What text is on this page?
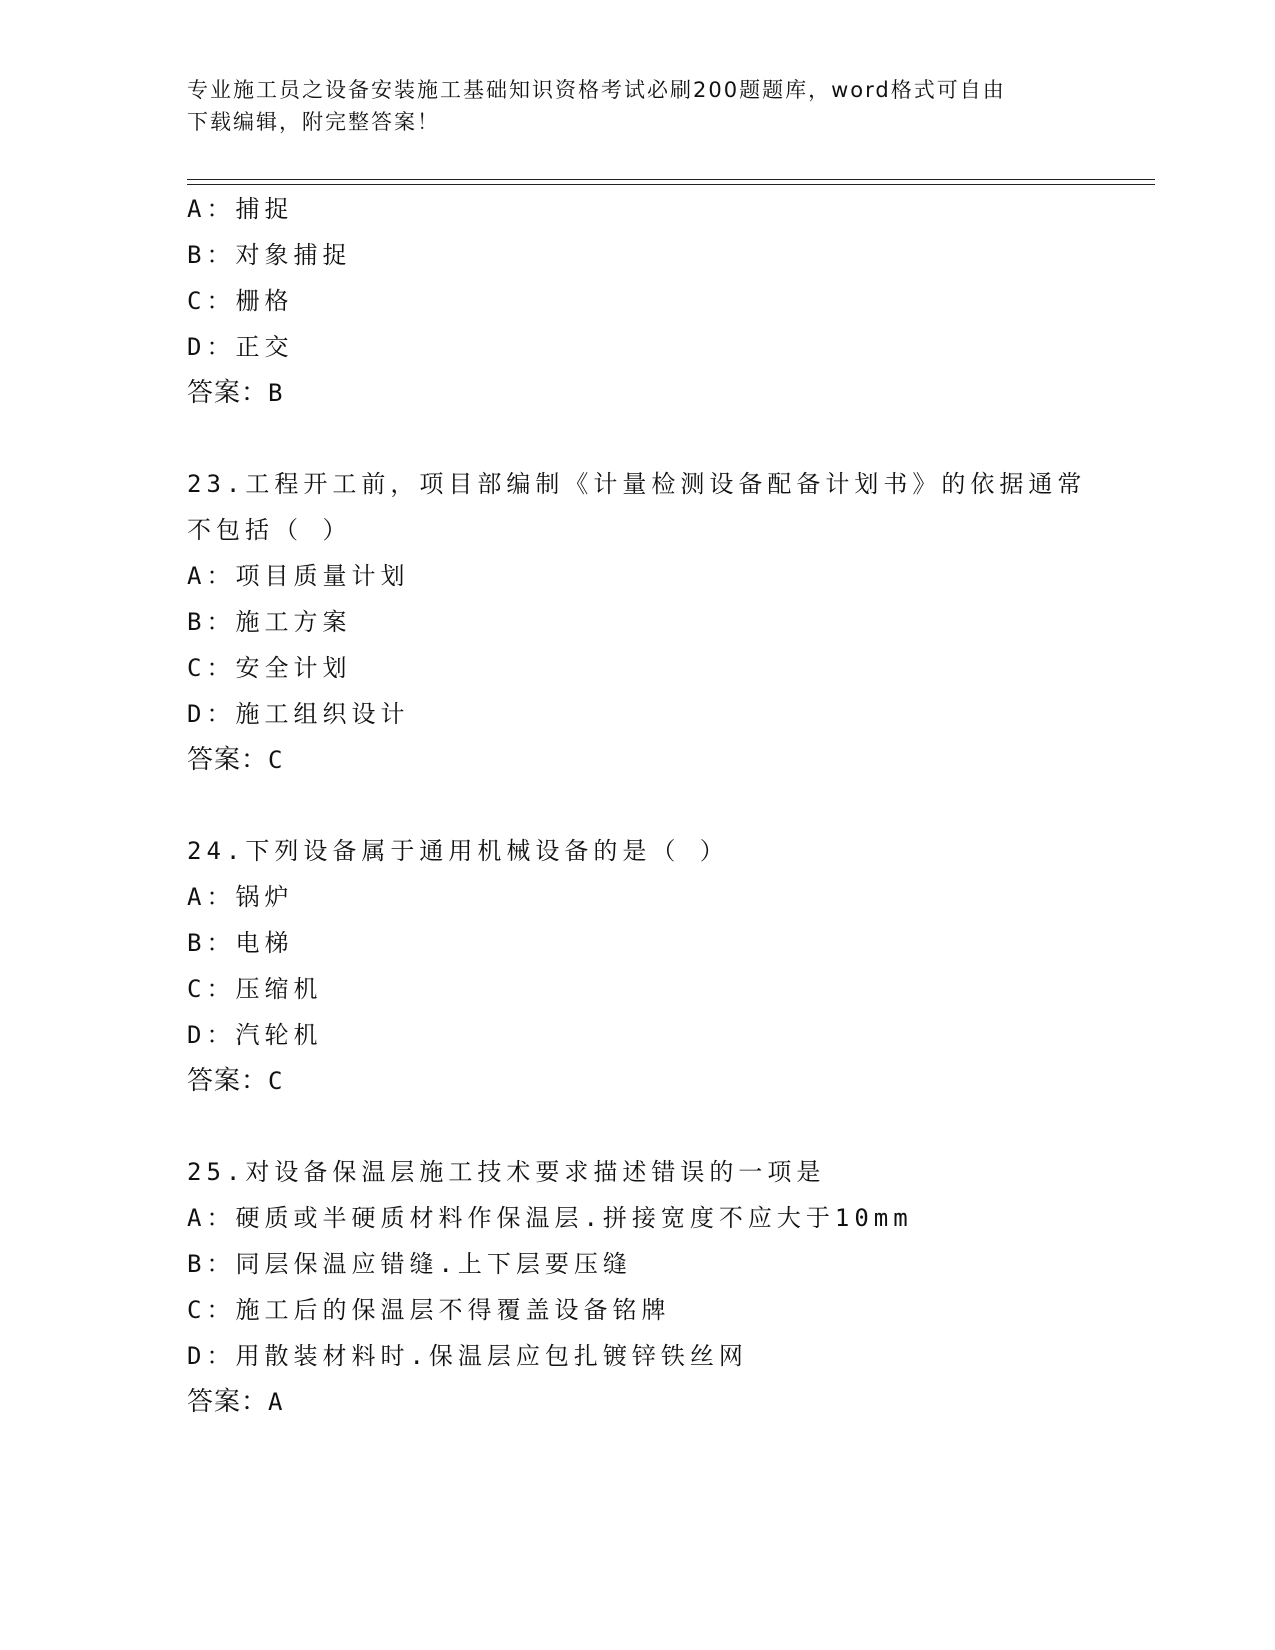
专业施工员之设备安装施工基础知识资格考试必刷200题题库，word格式可自由
下载编辑，附完整答案！
A：捕捉
B：对象捕捉
C：栅格
D：正交
答案：B
23.工程开工前，项目部编制《计量检测设备配备计划书》的依据通常
不包括（ ）
A：项目质量计划
B：施工方案
C：安全计划
D：施工组织设计
答案：C
24.下列设备属于通用机械设备的是（ ）
A：锅炉
B：电梯
C：压缩机
D：汽轮机
答案：C
25.对设备保温层施工技术要求描述错误的一项是
A：硬质或半硬质材料作保温层.拼接宽度不应大于10mm
B：同层保温应错缝.上下层要压缝
C：施工后的保温层不得覆盖设备铭牌
D：用散装材料时.保温层应包扎镀锌铁丝网
答案：A
